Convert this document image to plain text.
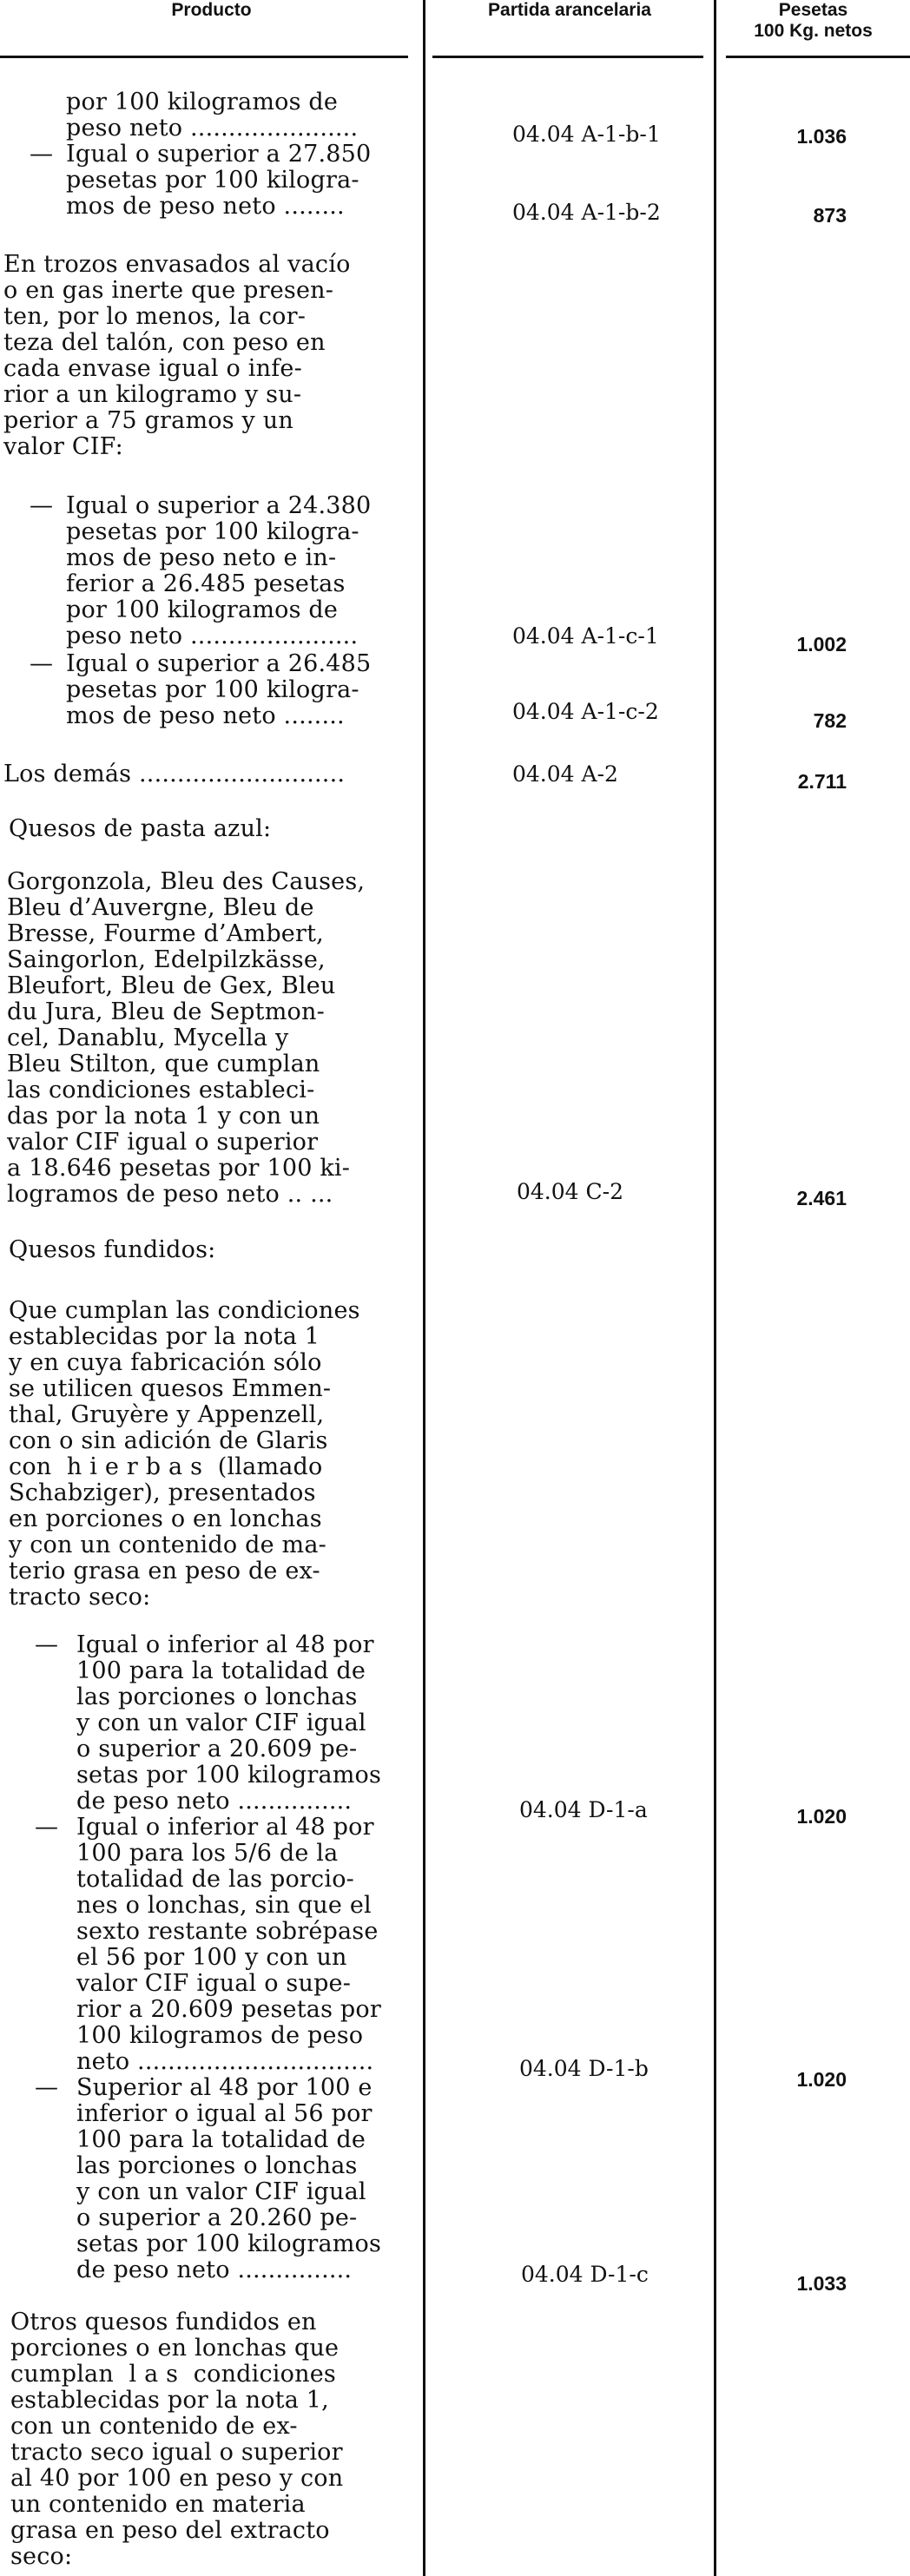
Producto	Partida arancelaria	Pesetas
100 Kg. netos
por 100 kilogramos de
peso neto ......................
— Igual o superior a 27.850
pesetas por 100 kilogra-
mos de peso neto ........
En trozos envasados al vacío
o en gas inerte que presen-
ten, por lo menos, la cor-
teza del talón, con peso en
cada envase igual o infe-
rior a un kilogramo y su-
perior a 75 gramos y un
valor CIF:
— Igual o superior a 24.380
pesetas por 100 kilogra-
mos de peso neto e in-
ferior a 26.485 pesetas
por 100 kilogramos de
peso neto ......................
— Igual o superior a 26.485
pesetas por 100 kilogra-
mos de peso neto ........
Los demás ...........................
Quesos de pasta azul:
Gorgonzola, Bleu des Causes,
Bleu d’Auvergne, Bleu de
Bresse, Fourme d’Ambert,
Saingorlon, Edelpilzkässe,
Bleufort, Bleu de Gex, Bleu
du Jura, Bleu de Septmon-
cel, Danablu, Mycella y
Bleu Stilton, que cumplan
las condiciones estableci-
das por la nota 1 y con un
valor CIF igual o superior
a 18.646 pesetas por 100 ki-
logramos de peso neto .. ...
Quesos fundidos:
Que cumplan las condiciones
establecidas por la nota 1
y en cuya fabricación sólo
se utilicen quesos Emmen-
thal, Gruyère y Appenzell,
con o sin adición de Glaris
con  h i e r b a s  (llamado
Schabziger), presentados
en porciones o en lonchas
y con un contenido de ma-
terio grasa en peso de ex-
tracto seco:
— Igual o inferior al 48 por
100 para la totalidad de
las porciones o lonchas
y con un valor CIF igual
o superior a 20.609 pe-
setas por 100 kilogramos
de peso neto ...............
— Igual o inferior al 48 por
100 para los 5/6 de la
totalidad de las porcio-
nes o lonchas, sin que el
sexto restante sobrépase
el 56 por 100 y con un
valor CIF igual o supe-
rior a 20.609 pesetas por
100 kilogramos de peso
neto ...............................
— Superior al 48 por 100 e
inferior o igual al 56 por
100 para la totalidad de
las porciones o lonchas
y con un valor CIF igual
o superior a 20.260 pe-
setas por 100 kilogramos
de peso neto ...............
Otros quesos fundidos en
porciones o en lonchas que
cumplan  l a s  condiciones
establecidas por la nota 1,
con un contenido de ex-
tracto seco igual o superior
al 40 por 100 en peso y con
un contenido en materia
grasa en peso del extracto
seco:
04.04 A-1-b-1
04.04 A-1-b-2
04.04 A-1-c-1
04.04 A-1-c-2
04.04 A-2
04.04 C-2
04.04 D-1-a
04.04 D-1-b
04.04 D-1-c
1.036
873
1.002
782
2.711
2.461
1.020
1.020
1.033
